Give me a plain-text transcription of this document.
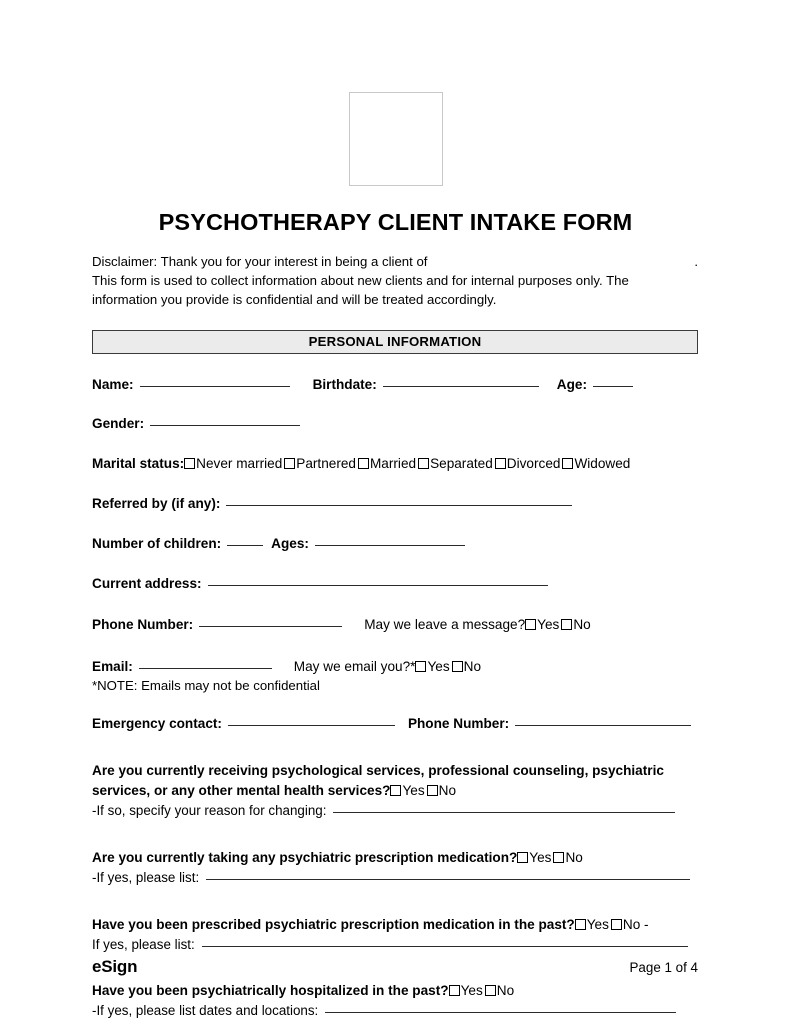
PSYCHOTHERAPY CLIENT INTAKE FORM
Disclaimer: Thank you for your interest in being a client of	.
This form is used to collect information about new clients and for internal purposes only. The
information you provide is confidential and will be treated accordingly.
PERSONAL INFORMATION
Name:	Birthdate:	Age:
Gender:
Marital status: Never married Partnered Married Separated Divorced Widowed
Referred by (if any):
Number of children:	Ages:
Current address:
Phone Number:	May we leave a message? Yes No
Email:	May we email you?* Yes No
*NOTE: Emails may not be confidential
Emergency contact:	Phone Number:
Are you currently receiving psychological services, professional counseling, psychiatric
services, or any other mental health services? Yes No
-If so, specify your reason for changing:
Are you currently taking any psychiatric prescription medication? Yes No
-If yes, please list:
Have you been prescribed psychiatric prescription medication in the past? Yes No -
If yes, please list:
Have you been psychiatrically hospitalized in the past? Yes No
-If yes, please list dates and locations:
eSign	Page 1 of 4
